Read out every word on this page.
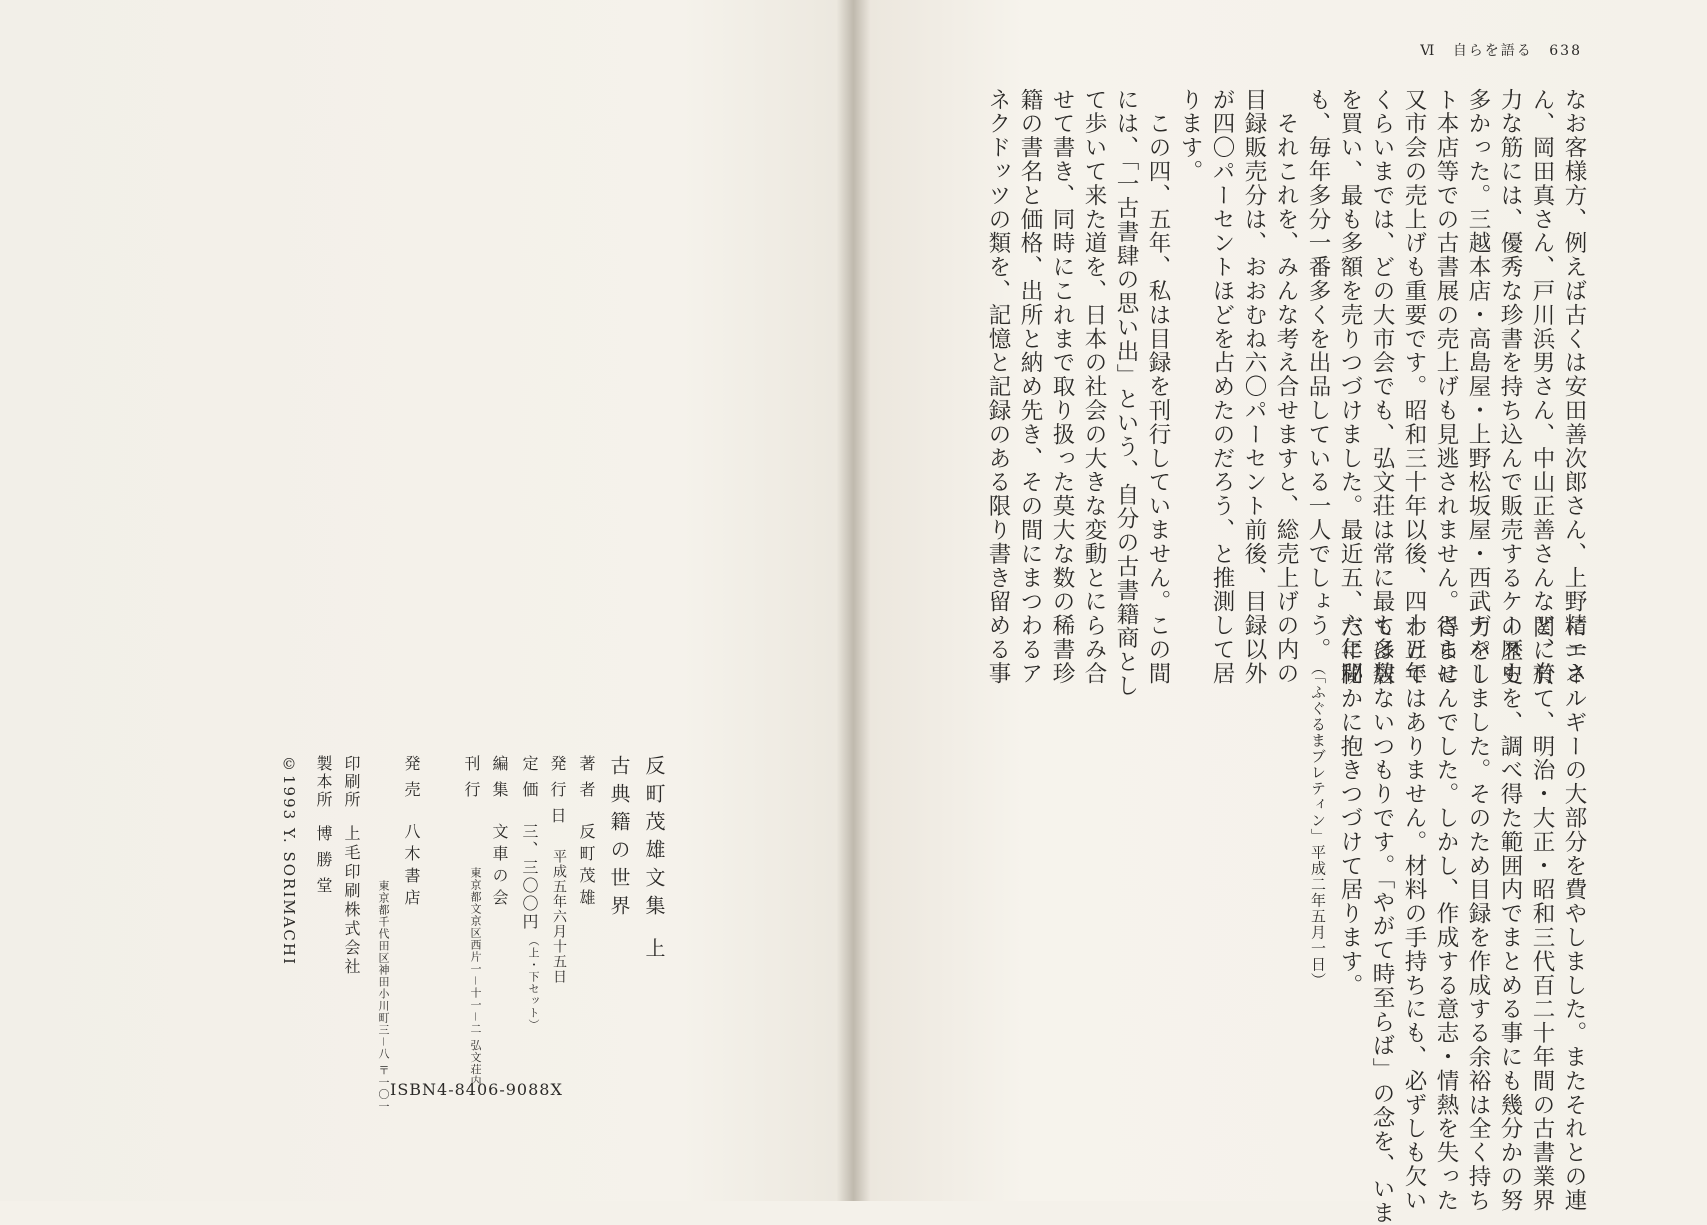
反町茂雄文集 上
古典籍の世界
著者
反町茂雄
発行日
平成五年六月十五日
定価
三、三〇〇円
（上・下セット）
編集
文車の会
刊行
東京都文京区西片一－十一－二 弘文荘内
発売
八木書店
東京都千代田区神田小川町三－八 〒一〇一
印刷所
上毛印刷株式会社
製本所
博勝堂
©1993 Y. SORIMACHI
ISBN4-8406-9088X
Ⅵ 自らを語る 638
なお客様方、例えば古くは安田善次郎さん、上野精一さ
ん、岡田真さん、戸川浜男さん、中山正善さんなど、有
力な筋には、優秀な珍書を持ち込んで販売するケースも
多かった。三越本店・高島屋・上野松坂屋・西武デパー
ト本店等での古書展の売上げも見逃されません。さらに
又市会の売上げも重要です。昭和三十年以後、四十五年
くらいまでは、どの大市会でも、弘文荘は常に最も多数
を買い、最も多額を売りつづけました。最近五、六年間
も、毎年多分一番多くを出品している一人でしょう。
　それこれを、みんな考え合せますと、総売上げの内の
目録販売分は、おおむね六〇パーセント前後、目録以外
が四〇パーセントほどを占めたのだろう、と推測して居
ります。
　この四、五年、私は目録を刊行していません。この間
には、「一古書肆の思い出」という、自分の古書籍商とし
て歩いて来た道を、日本の社会の大きな変動とにらみ合
せて書き、同時にこれまで取り扱った莫大な数の稀書珍
籍の書名と価格、出所と納め先き、その間にまつわるア
ネクドッツの類を、記憶と記録のある限り書き留める事
にエネルギーの大部分を費やしました。またそれとの連
関に於て、明治・大正・昭和三代百二十年間の古書業界
の歴史を、調べ得た範囲内でまとめる事にも幾分かの努
力をしました。そのため目録を作成する余裕は全く持ち
得ませんでした。しかし、作成する意志・情熱を失った
わけではありません。材料の手持ちにも、必ずしも欠い
ては居ないつもりです。「やがて時至らば」の念を、いま
だに秘かに抱きつづけて居ります。
（「ふぐるまブレティン」平成二年五月一日）
